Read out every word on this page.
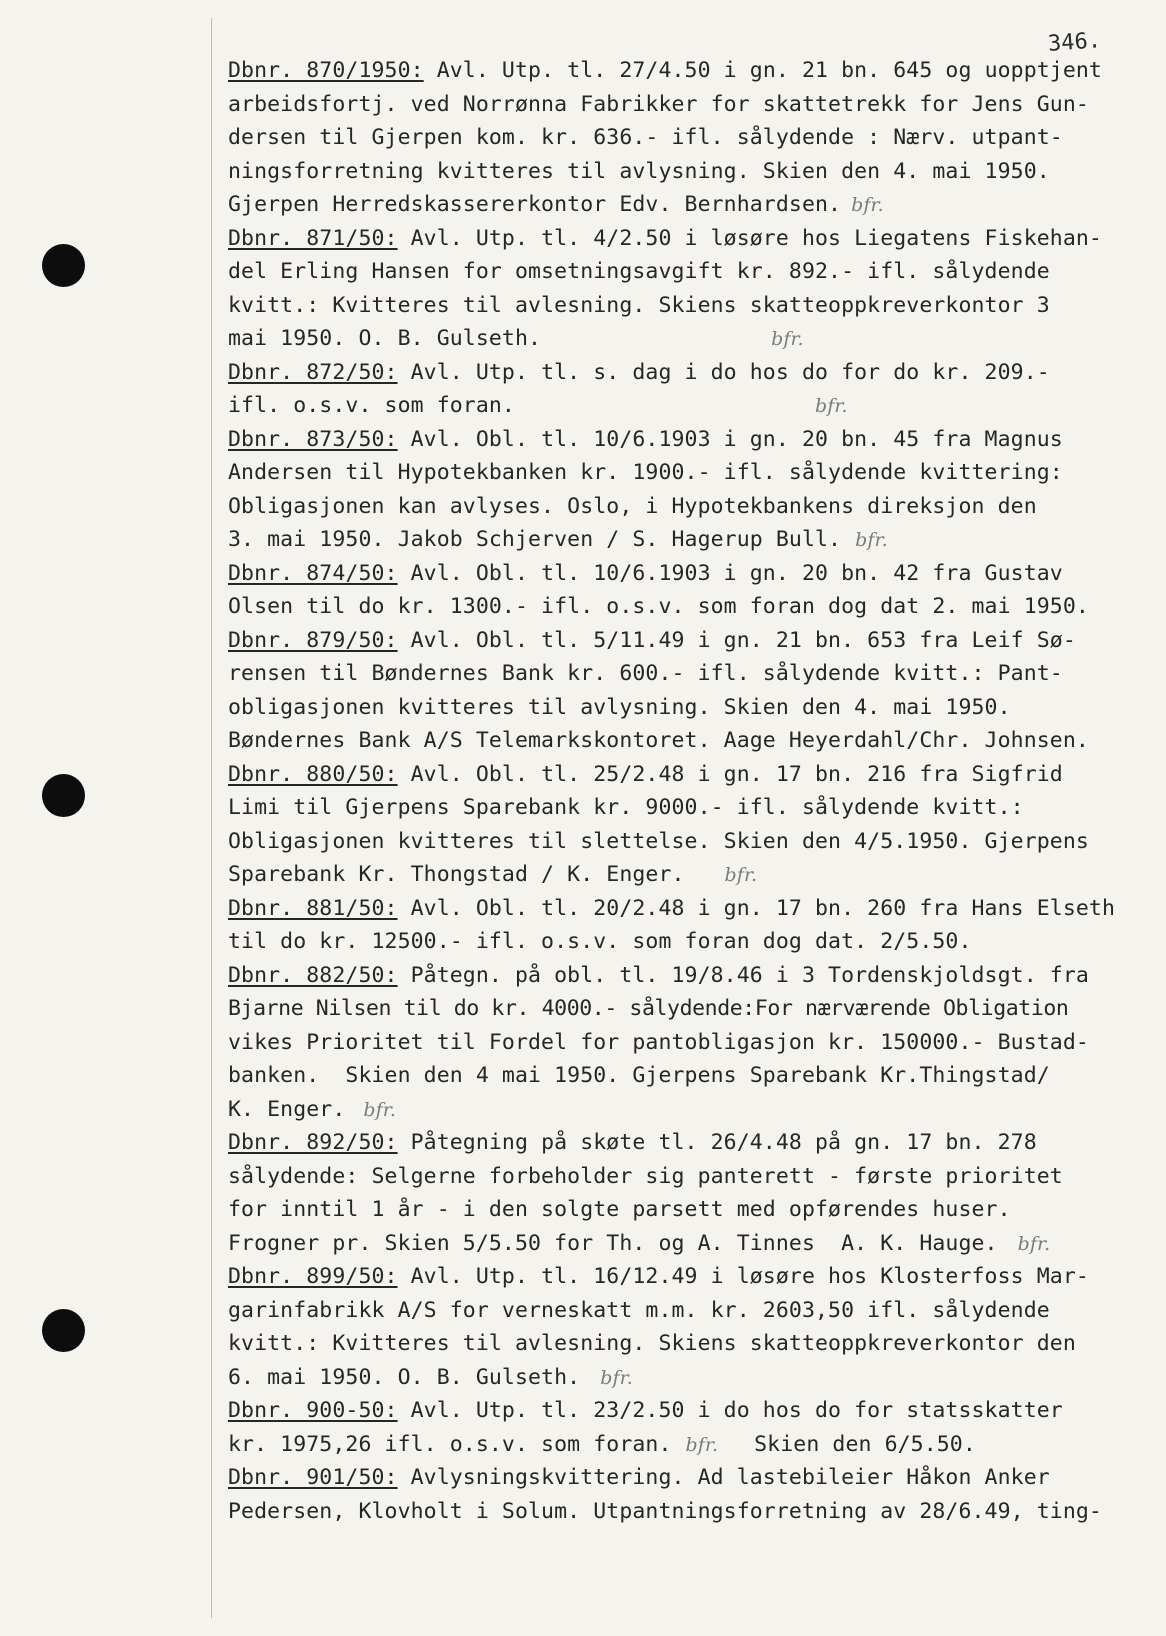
346.
Dbnr. 870/1950: Avl. Utp. tl. 27/4.50 i gn. 21 bn. 645 og uopptjent
arbeidsfortj. ved Norrønna Fabrikker for skattetrekk for Jens Gun-
dersen til Gjerpen kom. kr. 636.- ifl. sålydende : Nærv. utpant-
ningsforretning kvitteres til avlysning. Skien den 4. mai 1950.
Gjerpen Herredskassererkontor Edv. Bernhardsen. bfr.
Dbnr. 871/50: Avl. Utp. tl. 4/2.50 i løsøre hos Liegatens Fiskehan-
del Erling Hansen for omsetningsavgift kr. 892.- ifl. sålydende
kvitt.: Kvitteres til avlesning. Skiens skatteoppkreverkontor 3
mai 1950. O. B. Gulseth.	bfr.
Dbnr. 872/50: Avl. Utp. tl. s. dag i do hos do for do kr. 209.-
ifl. o.s.v. som foran.	bfr.
Dbnr. 873/50: Avl. Obl. tl. 10/6.1903 i gn. 20 bn. 45 fra Magnus
Andersen til Hypotekbanken kr. 1900.- ifl. sålydende kvittering:
Obligasjonen kan avlyses. Oslo, i Hypotekbankens direksjon den
3. mai 1950. Jakob Schjerven / S. Hagerup Bull. bfr.
Dbnr. 874/50: Avl. Obl. tl. 10/6.1903 i gn. 20 bn. 42 fra Gustav
Olsen til do kr. 1300.- ifl. o.s.v. som foran dog dat 2. mai 1950.
Dbnr. 879/50: Avl. Obl. tl. 5/11.49 i gn. 21 bn. 653 fra Leif Sø-
rensen til Bøndernes Bank kr. 600.- ifl. sålydende kvitt.: Pant-
obligasjonen kvitteres til avlysning. Skien den 4. mai 1950.
Bøndernes Bank A/S Telemarkskontoret. Aage Heyerdahl/Chr. Johnsen.
Dbnr. 880/50: Avl. Obl. tl. 25/2.48 i gn. 17 bn. 216 fra Sigfrid
Limi til Gjerpens Sparebank kr. 9000.- ifl. sålydende kvitt.:
Obligasjonen kvitteres til slettelse. Skien den 4/5.1950. Gjerpens
Sparebank Kr. Thongstad / K. Enger. bfr.
Dbnr. 881/50: Avl. Obl. tl. 20/2.48 i gn. 17 bn. 260 fra Hans Elseth
til do kr. 12500.- ifl. o.s.v. som foran dog dat. 2/5.50.
Dbnr. 882/50: Påtegn. på obl. tl. 19/8.46 i 3 Tordenskjoldsgt. fra
Bjarne Nilsen til do kr. 4000.- sålydende:For nærværende Obligation
vikes Prioritet til Fordel for pantobligasjon kr. 150000.- Bustad-
banken.  Skien den 4 mai 1950. Gjerpens Sparebank Kr.Thingstad/
K. Enger. bfr.
Dbnr. 892/50: Påtegning på skøte tl. 26/4.48 på gn. 17 bn. 278
sålydende: Selgerne forbeholder sig panterett - første prioritet
for inntil 1 år - i den solgte parsett med opførendes huser.
Frogner pr. Skien 5/5.50 for Th. og A. Tinnes  A. K. Hauge. bfr.
Dbnr. 899/50: Avl. Utp. tl. 16/12.49 i løsøre hos Klosterfoss Mar-
garinfabrikk A/S for verneskatt m.m. kr. 2603,50 ifl. sålydende
kvitt.: Kvitteres til avlesning. Skiens skatteoppkreverkontor den
6. mai 1950. O. B. Gulseth. bfr.
Dbnr. 900-50: Avl. Utp. tl. 23/2.50 i do hos do for statsskatter
kr. 1975,26 ifl. o.s.v. som foran. bfr. Skien den 6/5.50.
Dbnr. 901/50: Avlysningskvittering. Ad lastebileier Håkon Anker
Pedersen, Klovholt i Solum. Utpantningsforretning av 28/6.49, ting-
